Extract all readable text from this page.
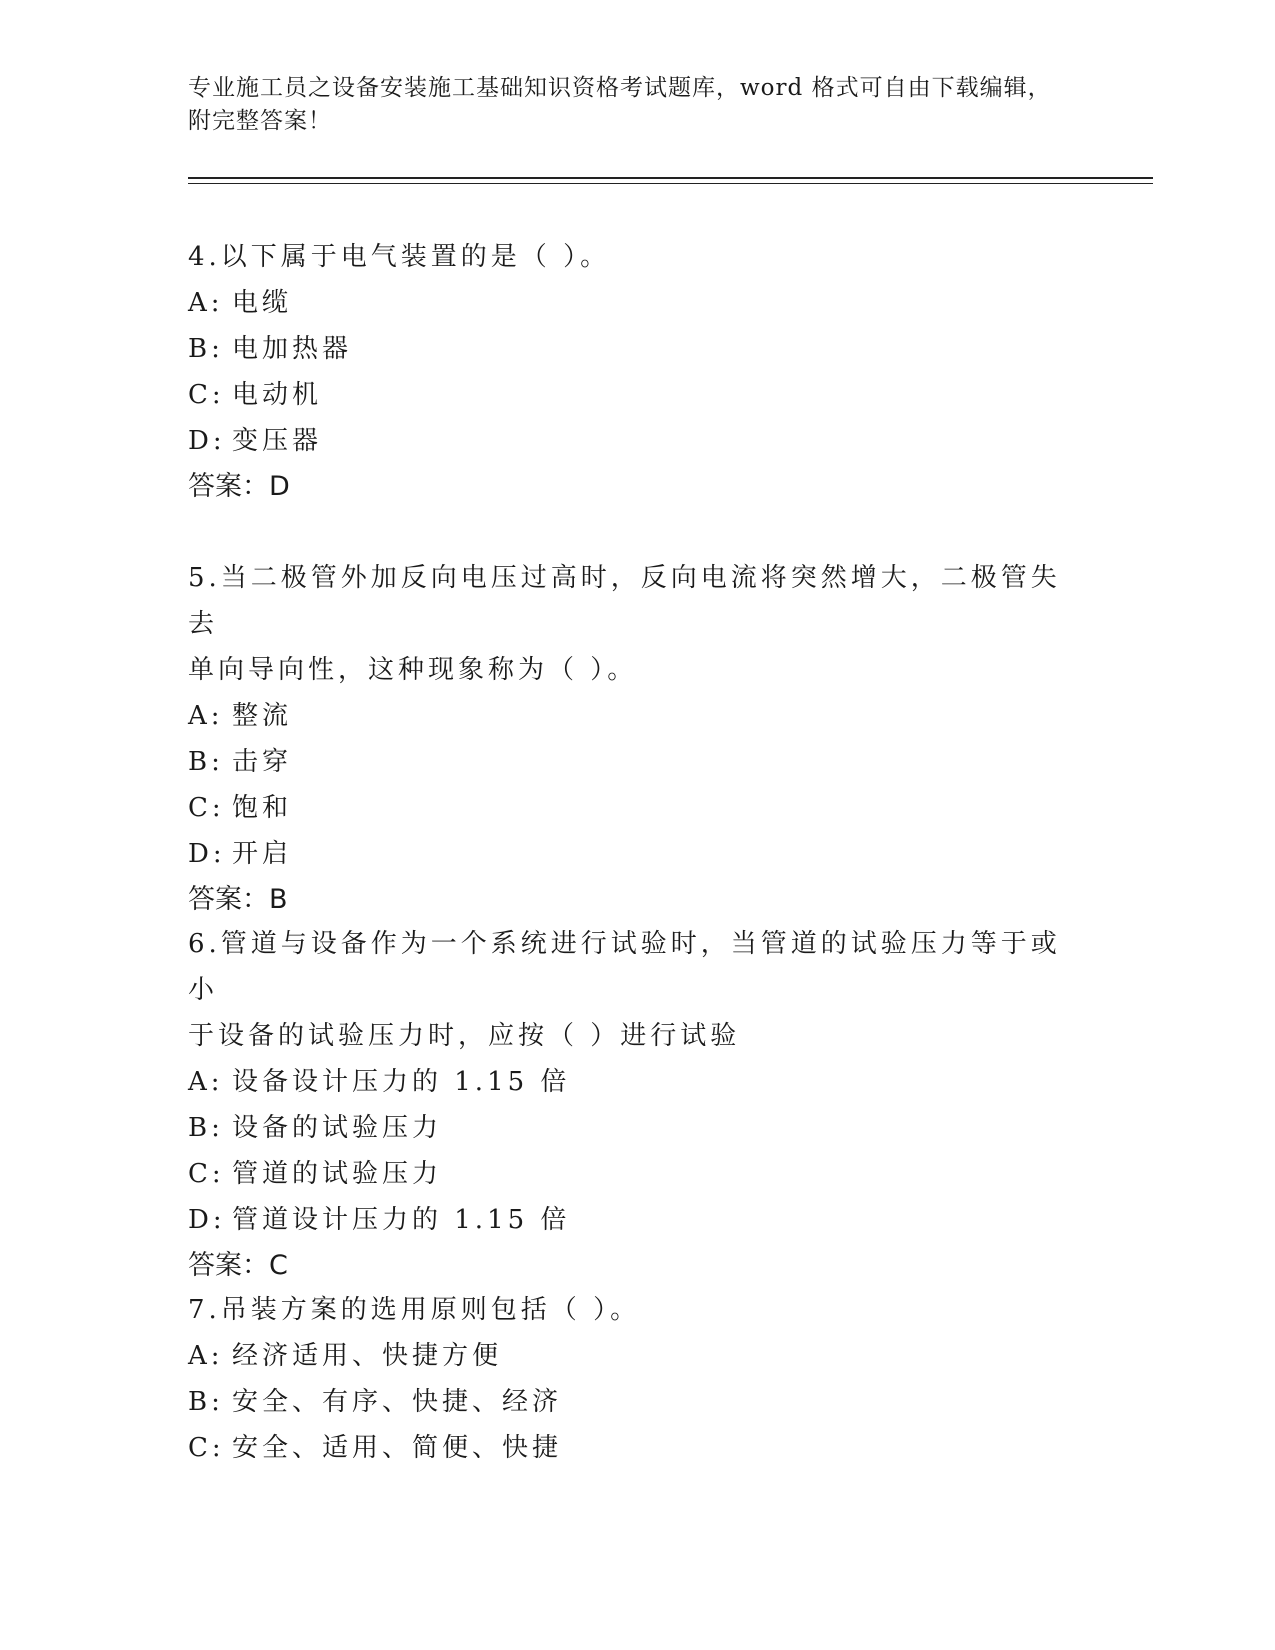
专业施工员之设备安装施工基础知识资格考试题库，word 格式可自由下载编辑，
附完整答案！

4.以下属于电气装置的是（ ）。

A: 电缆

B: 电加热器

C: 电动机

D: 变压器

答案：D

5.当二极管外加反向电压过高时，反向电流将突然增大，二极管失去

单向导向性，这种现象称为（ ）。

A: 整流

B: 击穿

C: 饱和

D: 开启

答案：B

6.管道与设备作为一个系统进行试验时，当管道的试验压力等于或小

于设备的试验压力时，应按（ ）进行试验

A: 设备设计压力的 1.15 倍

B: 设备的试验压力

C: 管道的试验压力

D: 管道设计压力的 1.15 倍

答案：C

7.吊装方案的选用原则包括（ ）。

A: 经济适用、快捷方便

B: 安全、有序、快捷、经济

C: 安全、适用、简便、快捷
